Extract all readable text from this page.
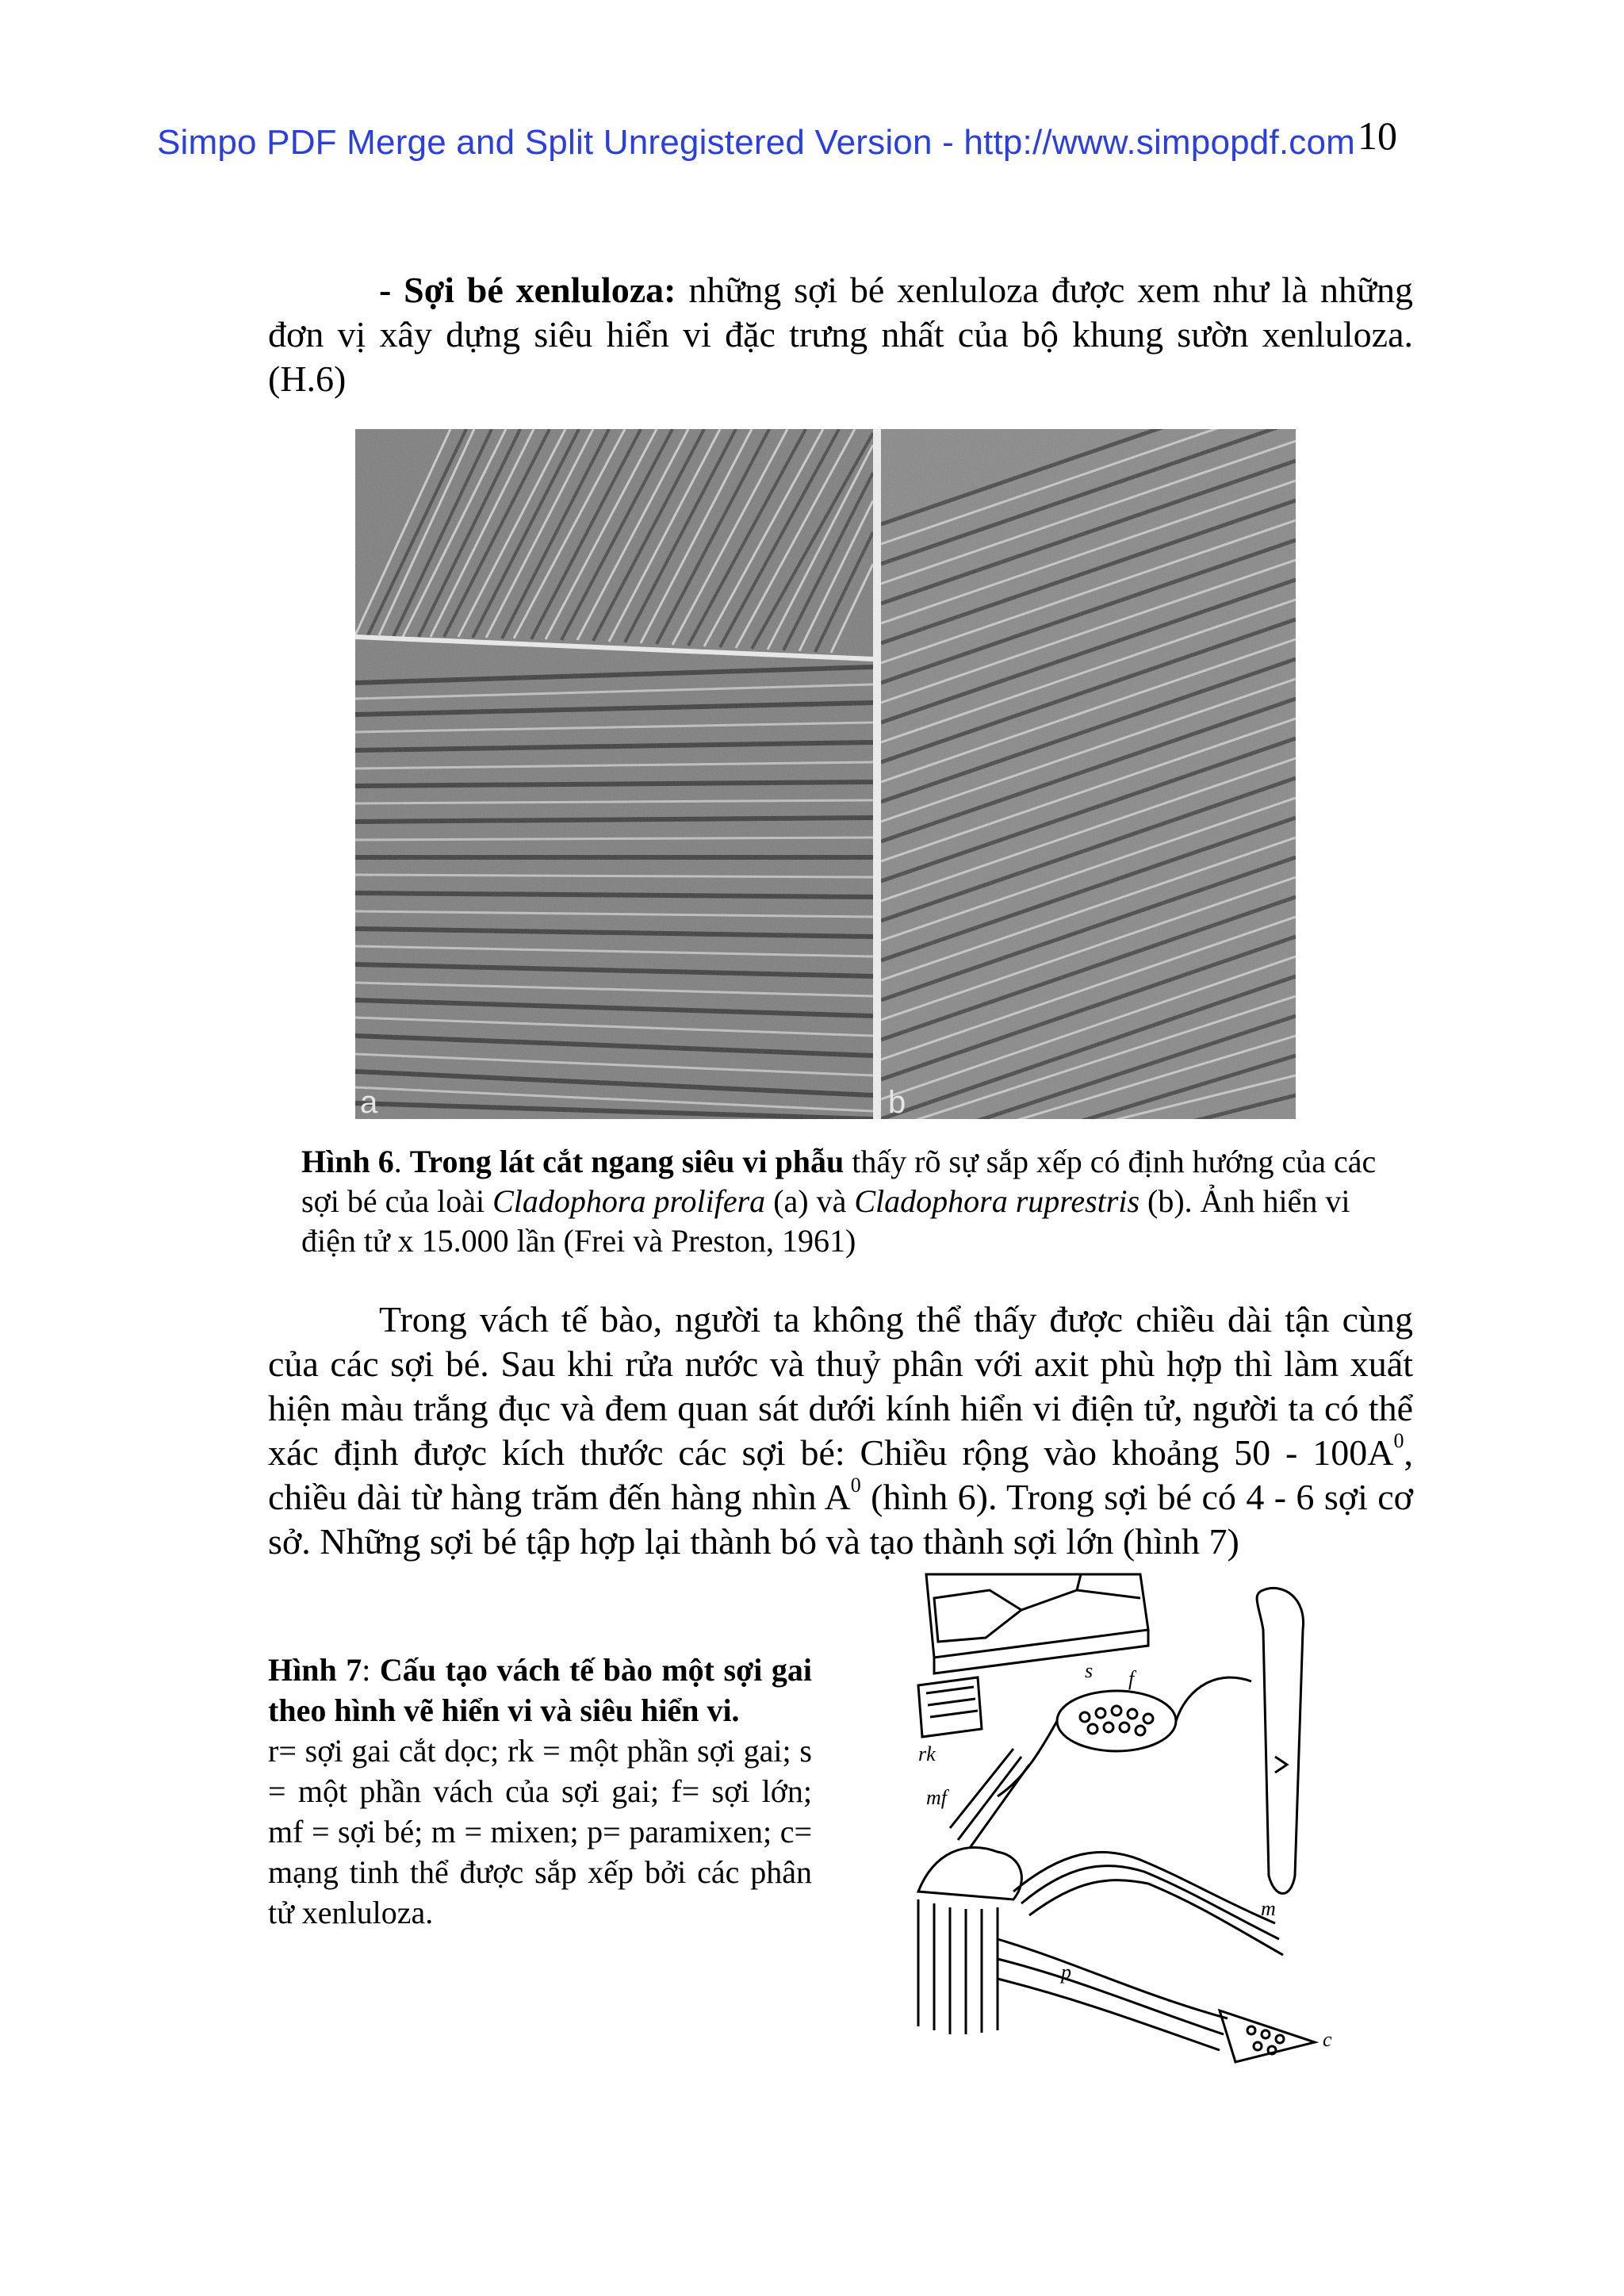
Simpo PDF Merge and Split Unregistered Version - http://www.simpopdf.com 10
- Sợi bé xenluloza: những sợi bé xenluloza được xem như là những đơn vị xây dựng siêu hiển vi đặc trưng nhất của bộ khung sườn xenluloza. (H.6)
Hình 6. Trong lát cắt ngang siêu vi phẫu thấy rõ sự sắp xếp có định hướng của các sợi bé của loài Cladophora prolifera (a) và Cladophora ruprestris (b). Ảnh hiển vi điện tử x 15.000 lần (Frei và Preston, 1961)
Trong vách tế bào, người ta không thể thấy được chiều dài tận cùng của các sợi bé. Sau khi rửa nước và thuỷ phân với axit phù hợp thì làm xuất hiện màu trắng đục và đem quan sát dưới kính hiển vi điện tử, người ta có thể xác định được kích thước các sợi bé: Chiều rộng vào khoảng $50 - 100A^0$, chiều dài từ hàng trăm đến hàng nhìn $A^0$ (hình 6). Trong sợi bé có 4 - 6 sợi cơ sở. Những sợi bé tập hợp lại thành bó và tạo thành sợi lớn (hình 7)
Hình 7: Cấu tạo vách tế bào một sợi gai theo hình vẽ hiển vi và siêu hiển vi.
r= sợi gai cắt dọc; rk = một phần sợi gai; s = một phần vách của sợi gai; f= sợi lớn; mf = sợi bé; m = mixen; p= paramixen; c= mạng tinh thể được sắp xếp bởi các phân tử xenluloza.
s f
rk
mf
m
p
c
